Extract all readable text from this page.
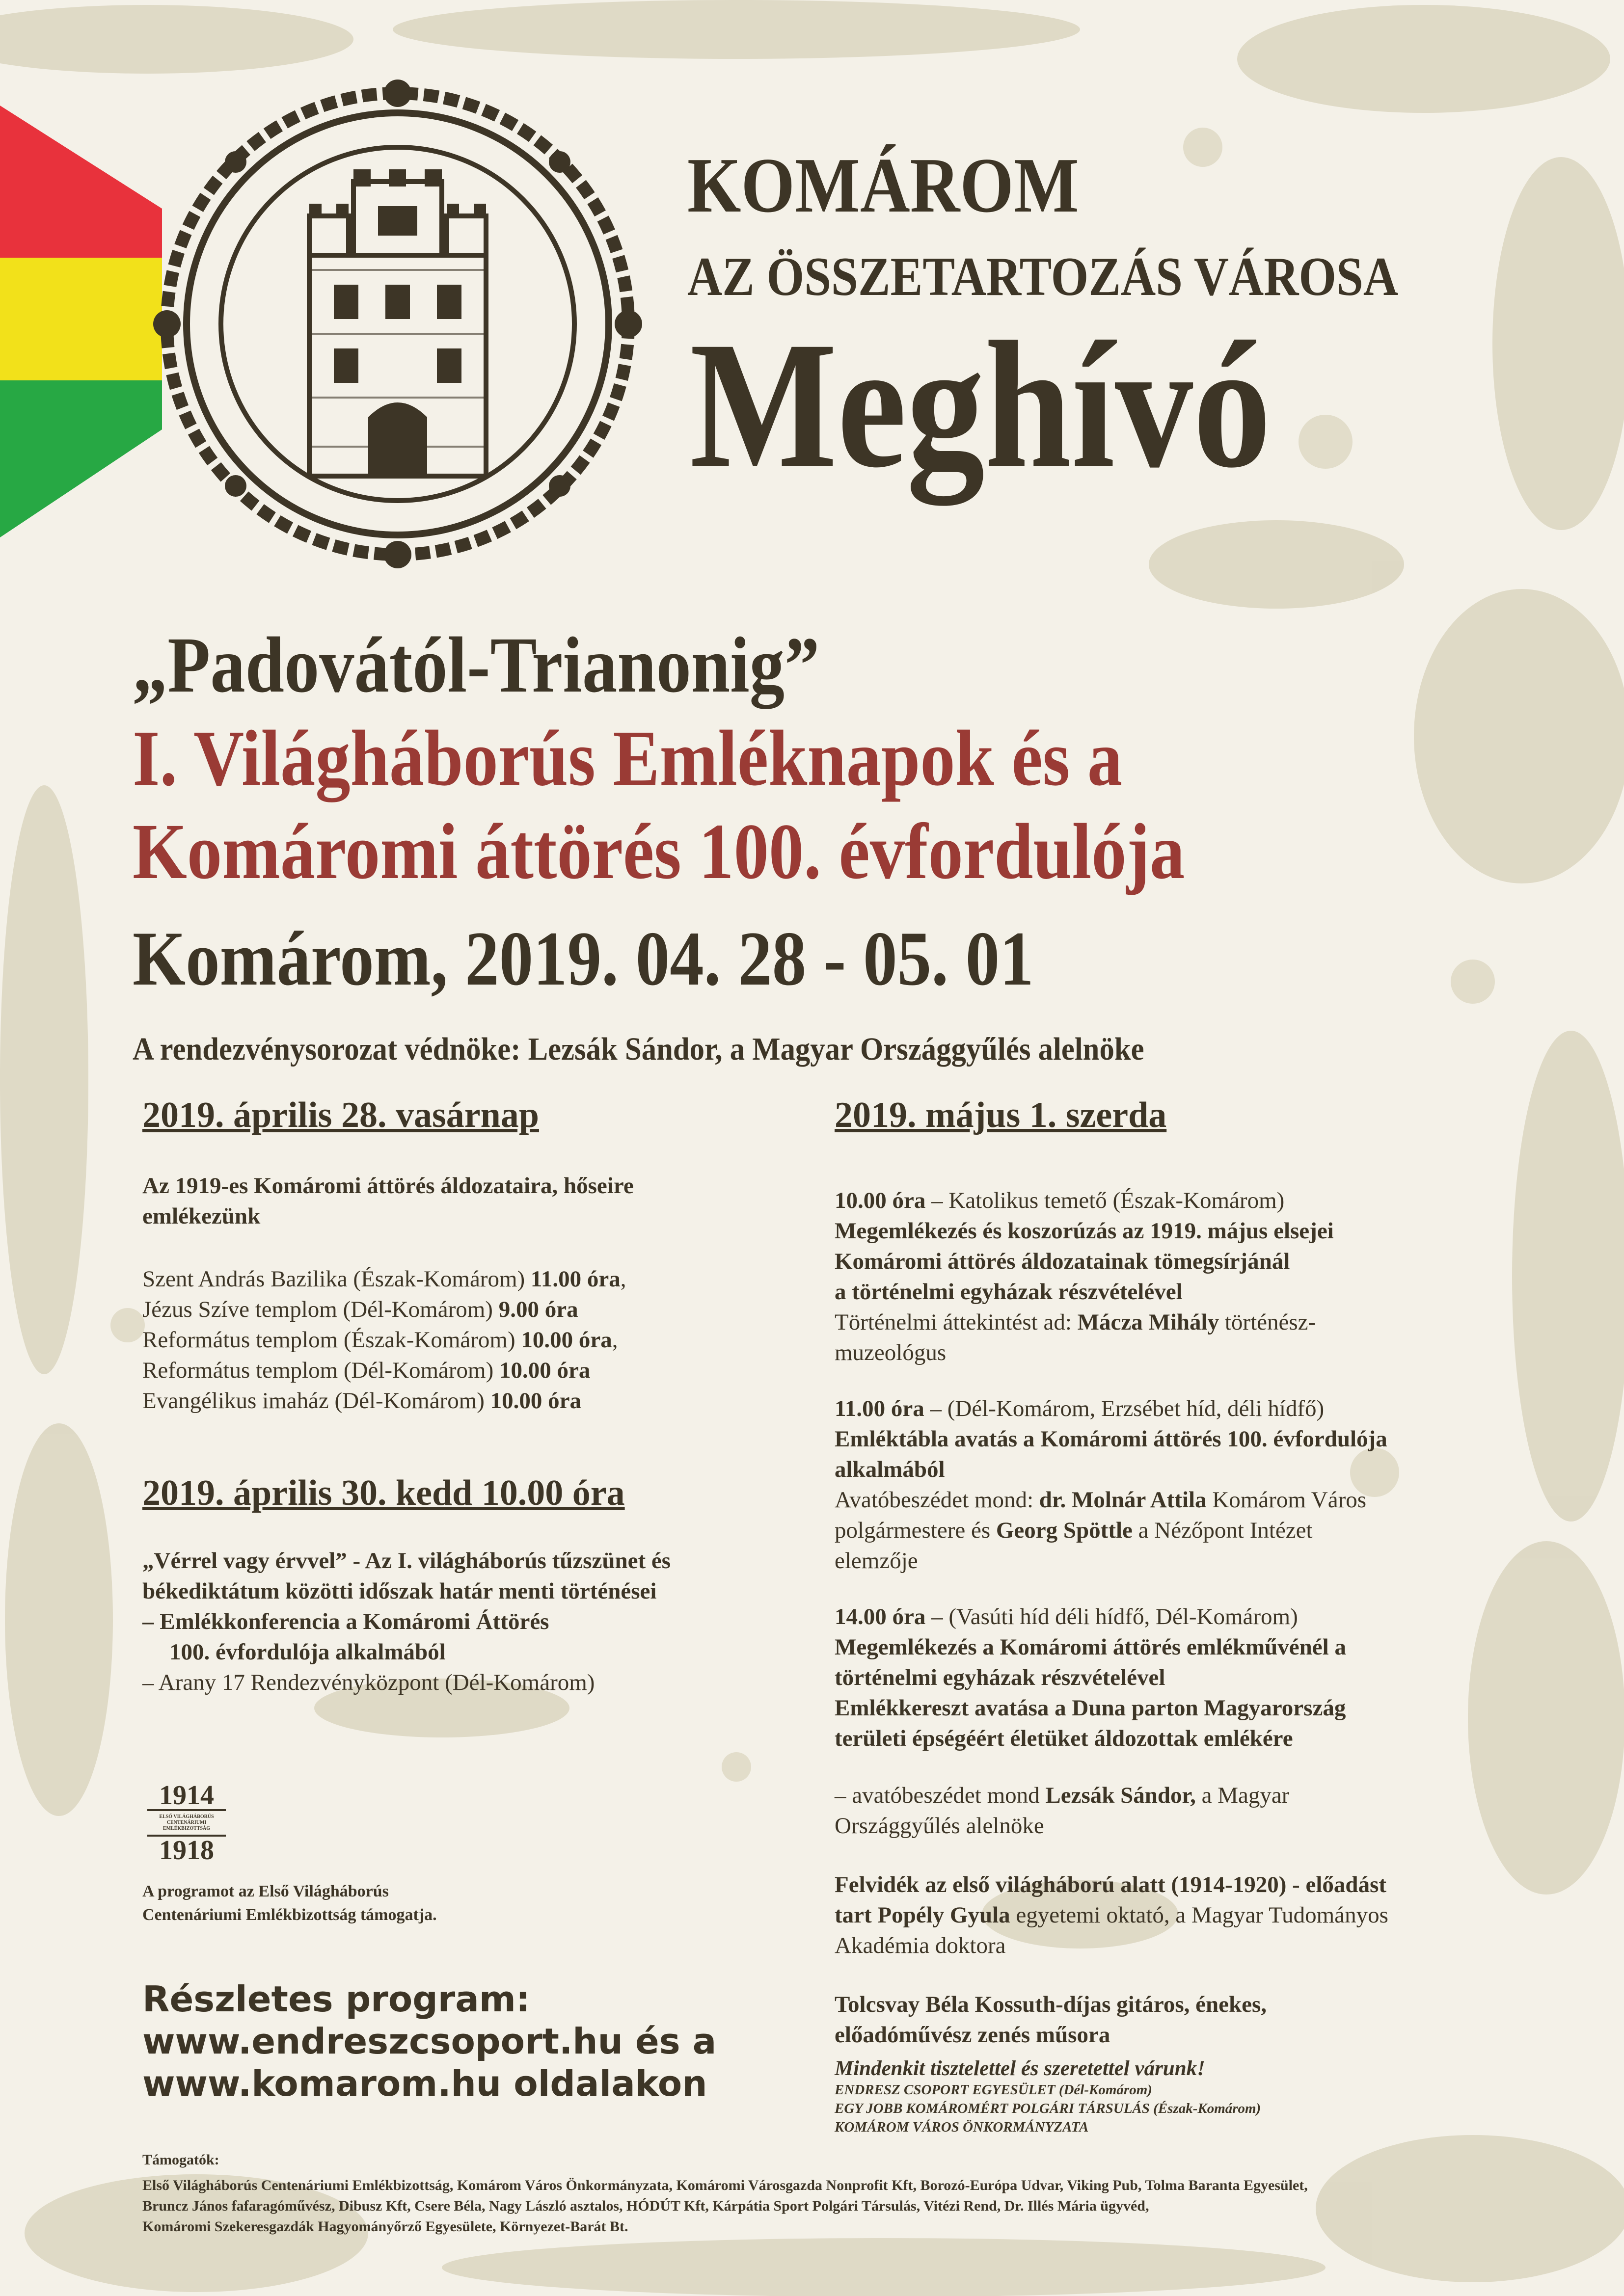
KOMÁROM
AZ ÖSSZETARTOZÁS VÁROSA
Meghívó
„Padovától-Trianonig”
I. Világháborús Emléknapok és a
Komáromi áttörés 100. évfordulója
Komárom, 2019. 04. 28 - 05. 01
A rendezvénysorozat védnöke: Lezsák Sándor, a Magyar Országgyűlés alelnöke
2019. április 28. vasárnap

Az 1919-es Komáromi áttörés áldozataira, hőseire

emlékezünk

Szent András Bazilika (Észak-Komárom) 11.00 óra,

Jézus Szíve templom (Dél-Komárom) 9.00 óra

Református templom (Észak-Komárom) 10.00 óra,

Református templom (Dél-Komárom) 10.00 óra

Evangélikus imaház (Dél-Komárom) 10.00 óra

2019. április 30. kedd 10.00 óra

„Vérrel vagy érvvel” - Az I. világháborús tűzszünet és

békediktátum közötti időszak határ menti történései

– Emlékkonferencia a Komáromi Áttörés

100. évfordulója alkalmából

– Arany 17 Rendezvényközpont (Dél-Komárom)

1914
ELSŐ VILÁGHÁBORÚS CENTENÁRIUMI EMLÉKBIZOTTSÁG
1918
A programot az Első Világháborús
Centenáriumi Emlékbizottság támogatja.
Részletes program:
www.endreszcsoport.hu és a
www.komarom.hu oldalakon
2019. május 1. szerda

10.00 óra – Katolikus temető (Észak-Komárom)

Megemlékezés és koszorúzás az 1919. május elsejei

Komáromi áttörés áldozatainak tömegsírjánál

a történelmi egyházak részvételével

Történelmi áttekintést ad: Mácza Mihály történész-

muzeológus

11.00 óra – (Dél-Komárom, Erzsébet híd, déli hídfő)

Emléktábla avatás a Komáromi áttörés 100. évfordulója

alkalmából

Avatóbeszédet mond: dr. Molnár Attila Komárom Város

polgármestere és Georg Spöttle a Nézőpont Intézet

elemzője

14.00 óra – (Vasúti híd déli hídfő, Dél-Komárom)

Megemlékezés a Komáromi áttörés emlékművénél a

történelmi egyházak részvételével

Emlékkereszt avatása a Duna parton Magyarország

területi épségéért életüket áldozottak emlékére

– avatóbeszédet mond Lezsák Sándor, a Magyar

Országgyűlés alelnöke

Felvidék az első világháború alatt (1914-1920) - előadást

tart Popély Gyula egyetemi oktató, a Magyar Tudományos

Akadémia doktora

Tolcsvay Béla Kossuth-díjas gitáros, énekes,

előadóművész zenés műsora

Mindenkit tisztelettel és szeretettel várunk!
ENDRESZ CSOPORT EGYESÜLET (Dél-Komárom)
EGY JOBB KOMÁROMÉRT POLGÁRI TÁRSULÁS (Észak-Komárom)
KOMÁROM VÁROS ÖNKORMÁNYZATA
Támogatók:
Első Világháborús Centenáriumi Emlékbizottság, Komárom Város Önkormányzata, Komáromi Városgazda Nonprofit Kft, Borozó-Európa Udvar, Viking Pub, Tolma Baranta Egyesület,
Bruncz János fafaragóművész, Dibusz Kft, Csere Béla, Nagy László asztalos, HÓDÚT Kft, Kárpátia Sport Polgári Társulás, Vitézi Rend, Dr. Illés Mária ügyvéd,
Komáromi Szekeresgazdák Hagyományőrző Egyesülete, Környezet-Barát Bt.
